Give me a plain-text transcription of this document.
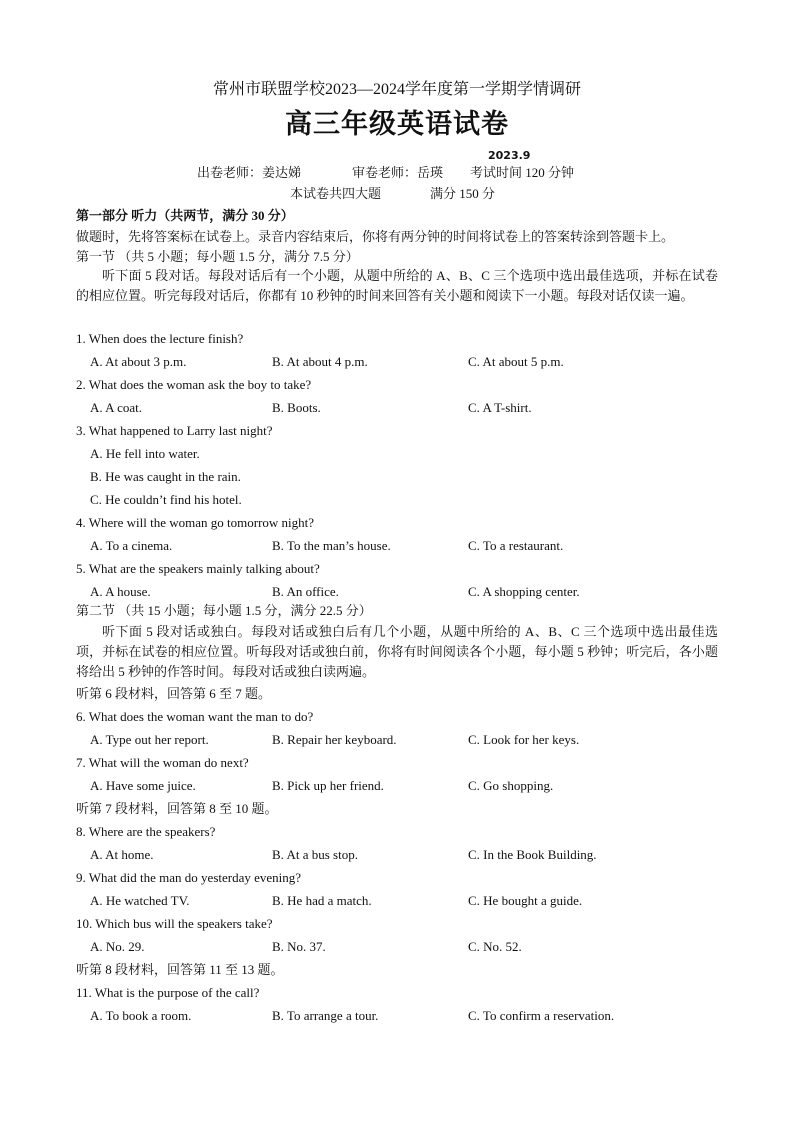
常州市联盟学校2023—2024学年度第一学期学情调研
高三年级英语试卷
2023.9
出卷老师：姜达娣	审卷老师：岳瑛 考试时间 120 分钟
本试卷共四大题	满分 150 分
第一部分 听力（共两节，满分 30 分）
做题时，先将答案标在试卷上。录音内容结束后，你将有两分钟的时间将试卷上的答案转涂到答题卡上。
第一节 （共 5 小题；每小题 1.5 分，满分 7.5 分）
听下面 5 段对话。每段对话后有一个小题，从题中所给的 A、B、C 三个选项中选出最佳选项，并标在试卷的相应位置。听完每段对话后，你都有 10 秒钟的时间来回答有关小题和阅读下一小题。每段对话仅读一遍。
1. When does the lecture finish?
A. At about 3 p.m.	B. At about 4 p.m.	C. At about 5 p.m.
2. What does the woman ask the boy to take?
A. A coat.	B. Boots.	C. A T-shirt.
3. What happened to Larry last night?
A. He fell into water.
B. He was caught in the rain.
C. He couldn’t find his hotel.
4. Where will the woman go tomorrow night?
A. To a cinema.	B. To the man’s house.	C. To a restaurant.
5. What are the speakers mainly talking about?
A. A house.	B. An office.	C. A shopping center.
第二节 （共 15 小题；每小题 1.5 分，满分 22.5 分）
听下面 5 段对话或独白。每段对话或独白后有几个小题，从题中所给的 A、B、C 三个选项中选出最佳选项，并标在试卷的相应位置。听每段对话或独白前，你将有时间阅读各个小题，每小题 5 秒钟；听完后，各小题将给出 5 秒钟的作答时间。每段对话或独白读两遍。
听第 6 段材料，回答第 6 至 7 题。
6. What does the woman want the man to do?
A. Type out her report.	B. Repair her keyboard.	C. Look for her keys.
7. What will the woman do next?
A. Have some juice.	B. Pick up her friend.	C. Go shopping.
听第 7 段材料，回答第 8 至 10 题。
8. Where are the speakers?
A. At home.	B. At a bus stop.	C. In the Book Building.
9. What did the man do yesterday evening?
A. He watched TV.	B. He had a match.	C. He bought a guide.
10. Which bus will the speakers take?
A. No. 29.	B. No. 37.	C. No. 52.
听第 8 段材料，回答第 11 至 13 题。
11. What is the purpose of the call?
A. To book a room.	B. To arrange a tour.	C. To confirm a reservation.
